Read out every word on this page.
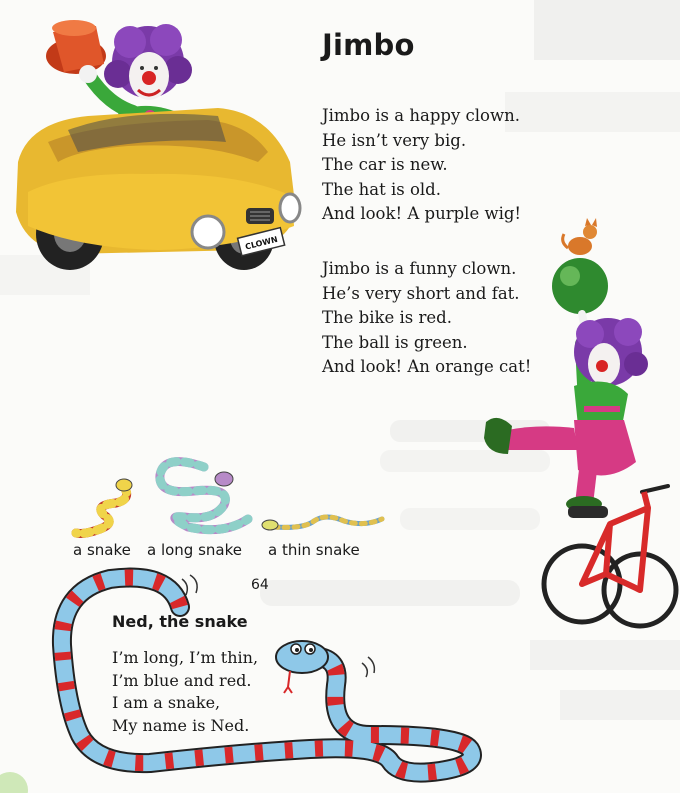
CLOWN
Jimbo
Jimbo is a happy clown.
He isn’t very big.
The car is new.
The hat is old.
And look! A purple wig!
Jimbo is a funny clown.
He’s very short and fat.
The bike is red.
The ball is green.
And look! An orange cat!
a snake a long snake a thin snake
64
Ned, the snake
I’m long, I’m thin,
I’m blue and red.
I am a snake,
My name is Ned.
